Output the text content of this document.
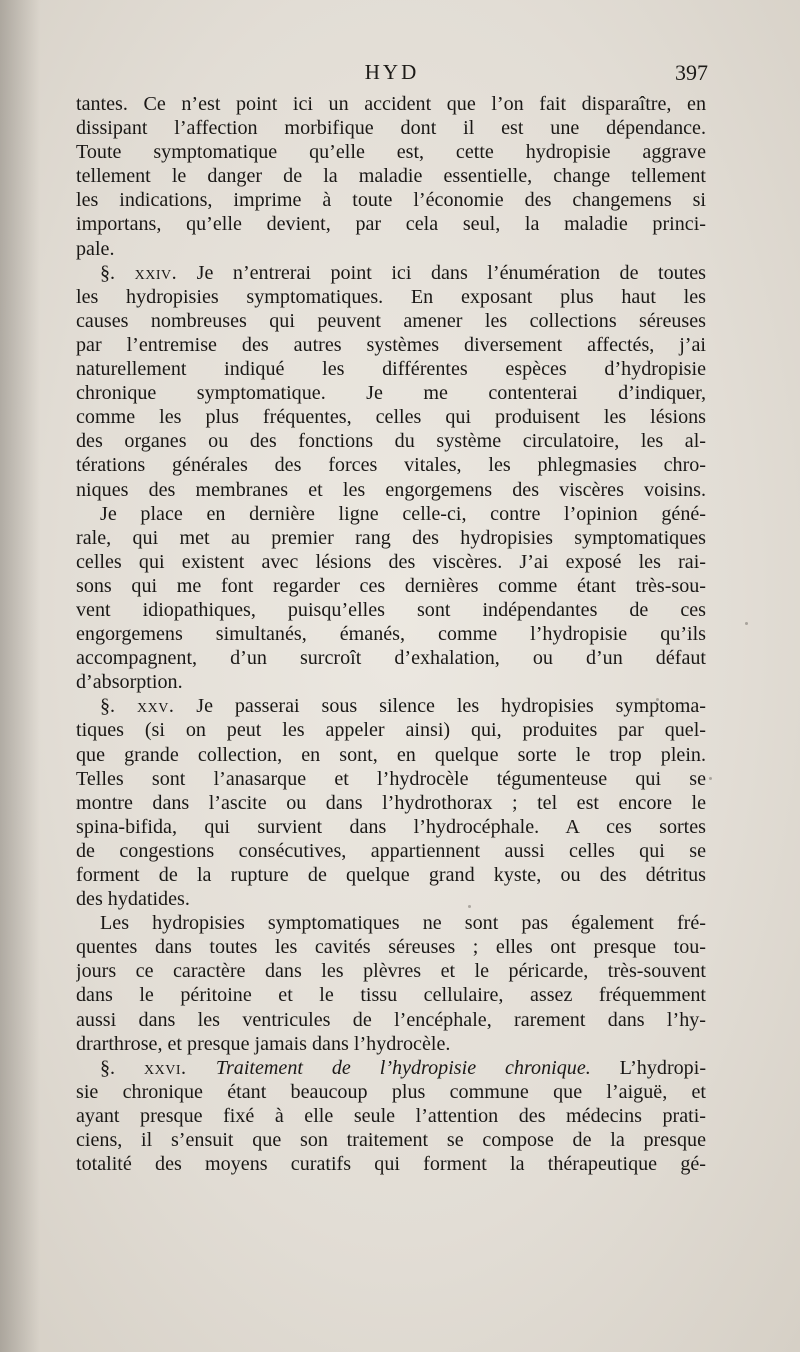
HYD	397
tantes. Ce n’est point ici un accident que l’on fait disparaître, en
dissipant l’affection morbifique dont il est une dépendance.
Toute symptomatique qu’elle est, cette hydropisie aggrave
tellement le danger de la maladie essentielle, change tellement
les indications, imprime à toute l’économie des changemens si
importans, qu’elle devient, par cela seul, la maladie princi-
pale.
§. xxiv. Je n’entrerai point ici dans l’énumération de toutes
les hydropisies symptomatiques. En exposant plus haut les
causes nombreuses qui peuvent amener les collections séreuses
par l’entremise des autres systèmes diversement affectés, j’ai
naturellement indiqué les différentes espèces d’hydropisie
chronique symptomatique. Je me contenterai d’indiquer,
comme les plus fréquentes, celles qui produisent les lésions
des organes ou des fonctions du système circulatoire, les al-
térations générales des forces vitales, les phlegmasies chro-
niques des membranes et les engorgemens des viscères voisins.
Je place en dernière ligne celle-ci, contre l’opinion géné-
rale, qui met au premier rang des hydropisies symptomatiques
celles qui existent avec lésions des viscères. J’ai exposé les rai-
sons qui me font regarder ces dernières comme étant très-sou-
vent idiopathiques, puisqu’elles sont indépendantes de ces
engorgemens simultanés, émanés, comme l’hydropisie qu’ils
accompagnent, d’un surcroît d’exhalation, ou d’un défaut
d’absorption.
§. xxv. Je passerai sous silence les hydropisies symptoma-
tiques (si on peut les appeler ainsi) qui, produites par quel-
que grande collection, en sont, en quelque sorte le trop plein.
Telles sont l’anasarque et l’hydrocèle tégumenteuse qui se
montre dans l’ascite ou dans l’hydrothorax ; tel est encore le
spina-bifida, qui survient dans l’hydrocéphale. A ces sortes
de congestions consécutives, appartiennent aussi celles qui se
forment de la rupture de quelque grand kyste, ou des détritus
des hydatides.
Les hydropisies symptomatiques ne sont pas également fré-
quentes dans toutes les cavités séreuses ; elles ont presque tou-
jours ce caractère dans les plèvres et le péricarde, très-souvent
dans le péritoine et le tissu cellulaire, assez fréquemment
aussi dans les ventricules de l’encéphale, rarement dans l’hy-
drarthrose, et presque jamais dans l’hydrocèle.
§. xxvi. Traitement de l’hydropisie chronique. L’hydropi-
sie chronique étant beaucoup plus commune que l’aiguë, et
ayant presque fixé à elle seule l’attention des médecins prati-
ciens, il s’ensuit que son traitement se compose de la presque
totalité des moyens curatifs qui forment la thérapeutique gé-
